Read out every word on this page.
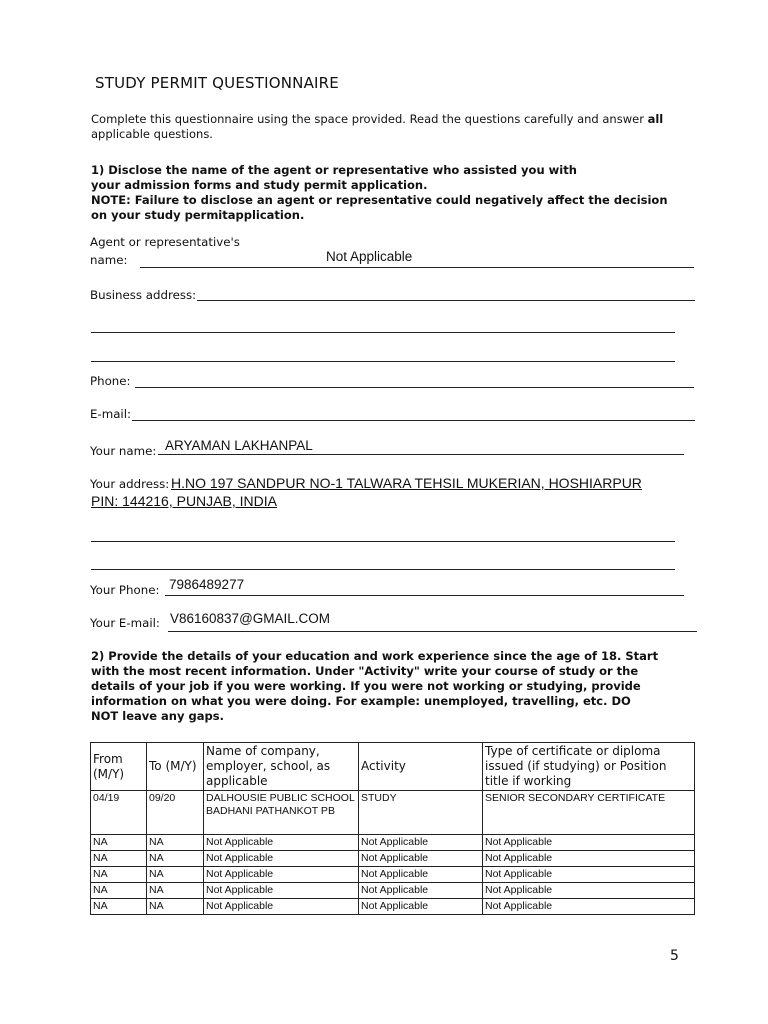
STUDY PERMIT QUESTIONNAIRE
Complete this questionnaire using the space provided. Read the questions carefully and answer all applicable questions.
1) Disclose the name of the agent or representative who assisted you with
your admission forms and study permit application.
NOTE: Failure to disclose an agent or representative could negatively affect the decision
on your study permitapplication.
Agent or representative's
name:	Not Applicable
Business address:
Phone:
E-mail:
Your name: ARYAMAN LAKHANPAL
Your address: H.NO 197 SANDPUR NO-1 TALWARA TEHSIL MUKERIAN, HOSHIARPUR
PIN: 144216, PUNJAB, INDIA
Your Phone: 7986489277
Your E-mail: V86160837@GMAIL.COM
2) Provide the details of your education and work experience since the age of 18. Start
with the most recent information. Under "Activity" write your course of study or the
details of your job if you were working. If you were not working or studying, provide
information on what you were doing. For example: unemployed, travelling, etc. DO
NOT leave any gaps.
From (M/Y)	To (M/Y)	Name of company, employer, school, as applicable	Activity	Type of certificate or diploma issued (if studying) or Position title if working
04/19	09/20	DALHOUSIE PUBLIC SCHOOL BADHANI PATHANKOT PB	STUDY	SENIOR SECONDARY CERTIFICATE
NA	NA	Not Applicable	Not Applicable	Not Applicable
NA	NA	Not Applicable	Not Applicable	Not Applicable
NA	NA	Not Applicable	Not Applicable	Not Applicable
NA	NA	Not Applicable	Not Applicable	Not Applicable
NA	NA	Not Applicable	Not Applicable	Not Applicable
5
